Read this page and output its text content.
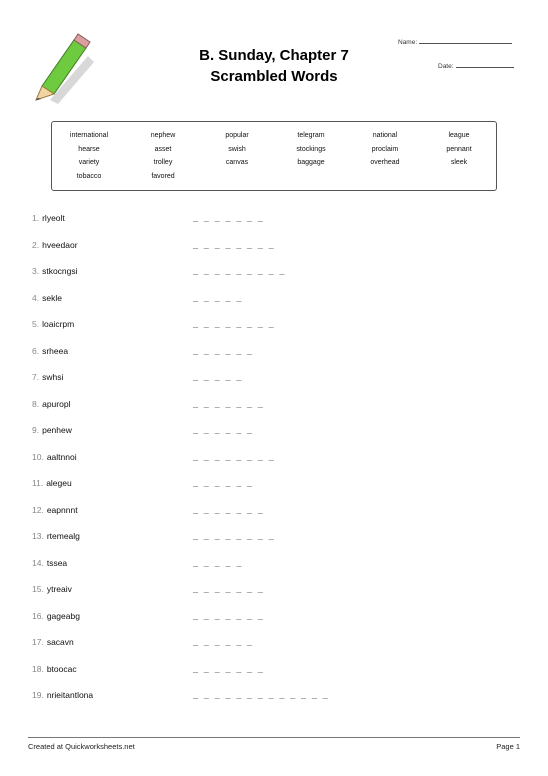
B. Sunday, Chapter 7
Scrambled Words
Name:
Date:
international	nephew	popular	telegram	national	league
hearse	asset	swish	stockings	proclaim	pennant
variety	trolley	canvas	baggage	overhead	sleek
tobacco	favored
1. rlyeolt	_ _ _ _ _ _ _
2. hveedaor	_ _ _ _ _ _ _ _
3. stkocngsi	_ _ _ _ _ _ _ _ _
4. sekle	_ _ _ _ _
5. loaicrpm	_ _ _ _ _ _ _ _
6. srheea	_ _ _ _ _ _
7. swhsi	_ _ _ _ _
8. apuropl	_ _ _ _ _ _ _
9. penhew	_ _ _ _ _ _
10. aaltnnoi	_ _ _ _ _ _ _ _
11. alegeu	_ _ _ _ _ _
12. eapnnnt	_ _ _ _ _ _ _
13. rtemealg	_ _ _ _ _ _ _ _
14. tssea	_ _ _ _ _
15. ytreaiv	_ _ _ _ _ _ _
16. gageabg	_ _ _ _ _ _ _
17. sacavn	_ _ _ _ _ _
18. btoocac	_ _ _ _ _ _ _
19. nrieitantlona	_ _ _ _ _ _ _ _ _ _ _ _ _
Created at Quickworksheets.net	Page 1
